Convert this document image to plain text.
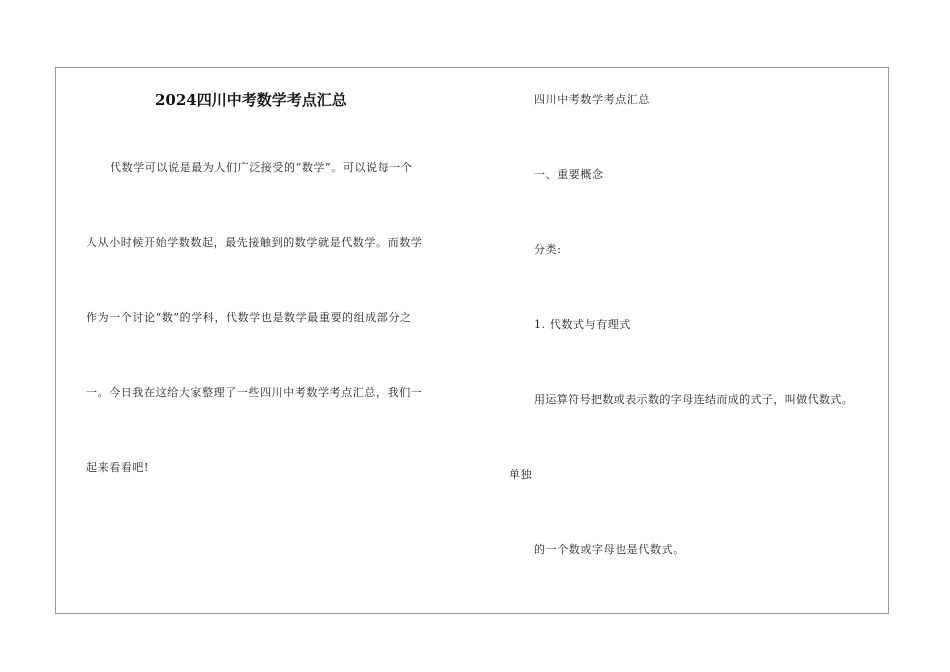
2024四川中考数学考点汇总
代数学可以说是最为人们广泛接受的“数学”。可以说每一个
人从小时候开始学数数起，最先接触到的数学就是代数学。而数学
作为一个讨论“数”的学科，代数学也是数学最重要的组成部分之
一。今日我在这给大家整理了一些四川中考数学考点汇总，我们一
起来看看吧!
四川中考数学考点汇总
一、重要概念
分类:
1. 代数式与有理式
用运算符号把数或表示数的字母连结而成的式子，叫做代数式。
单独
的一个数或字母也是代数式。
